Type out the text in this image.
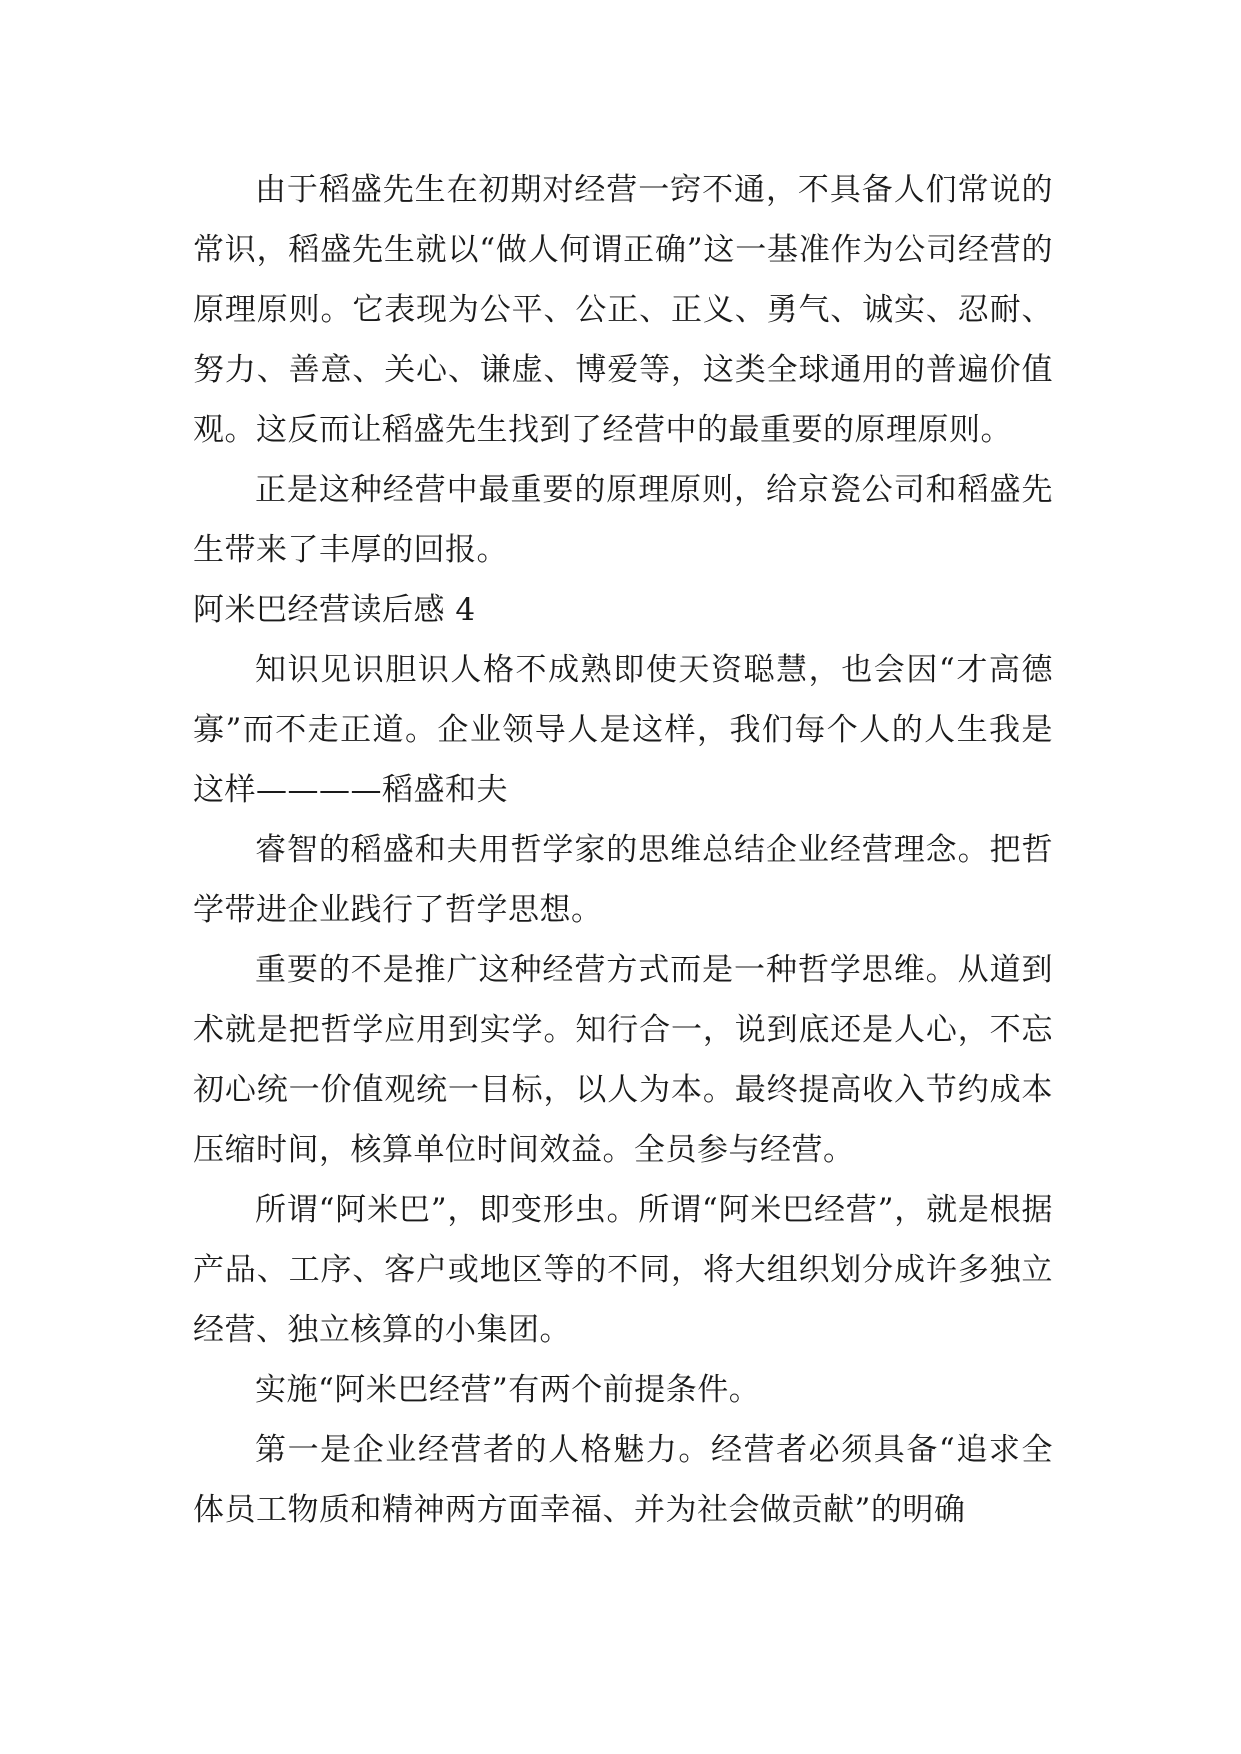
由于稻盛先生在初期对经营一窍不通，不具备人们常说的常识，稻盛先生就以“做人何谓正确”这一基准作为公司经营的原理原则。它表现为公平、公正、正义、勇气、诚实、忍耐、努力、善意、关心、谦虚、博爱等，这类全球通用的普遍价值观。这反而让稻盛先生找到了经营中的最重要的原理原则。

正是这种经营中最重要的原理原则，给京瓷公司和稻盛先生带来了丰厚的回报。

阿米巴经营读后感 4

知识见识胆识人格不成熟即使天资聪慧，也会因“才高德寡”而不走正道。企业领导人是这样，我们每个人的人生我是这样————稻盛和夫

睿智的稻盛和夫用哲学家的思维总结企业经营理念。把哲学带进企业践行了哲学思想。

重要的不是推广这种经营方式而是一种哲学思维。从道到术就是把哲学应用到实学。知行合一，说到底还是人心，不忘初心统一价值观统一目标，以人为本。最终提高收入节约成本压缩时间，核算单位时间效益。全员参与经营。

所谓“阿米巴”，即变形虫。所谓“阿米巴经营”，就是根据产品、工序、客户或地区等的不同，将大组织划分成许多独立经营、独立核算的小集团。

实施“阿米巴经营”有两个前提条件。

第一是企业经营者的人格魅力。经营者必须具备“追求全体员工物质和精神两方面幸福、并为社会做贡献”的明确
